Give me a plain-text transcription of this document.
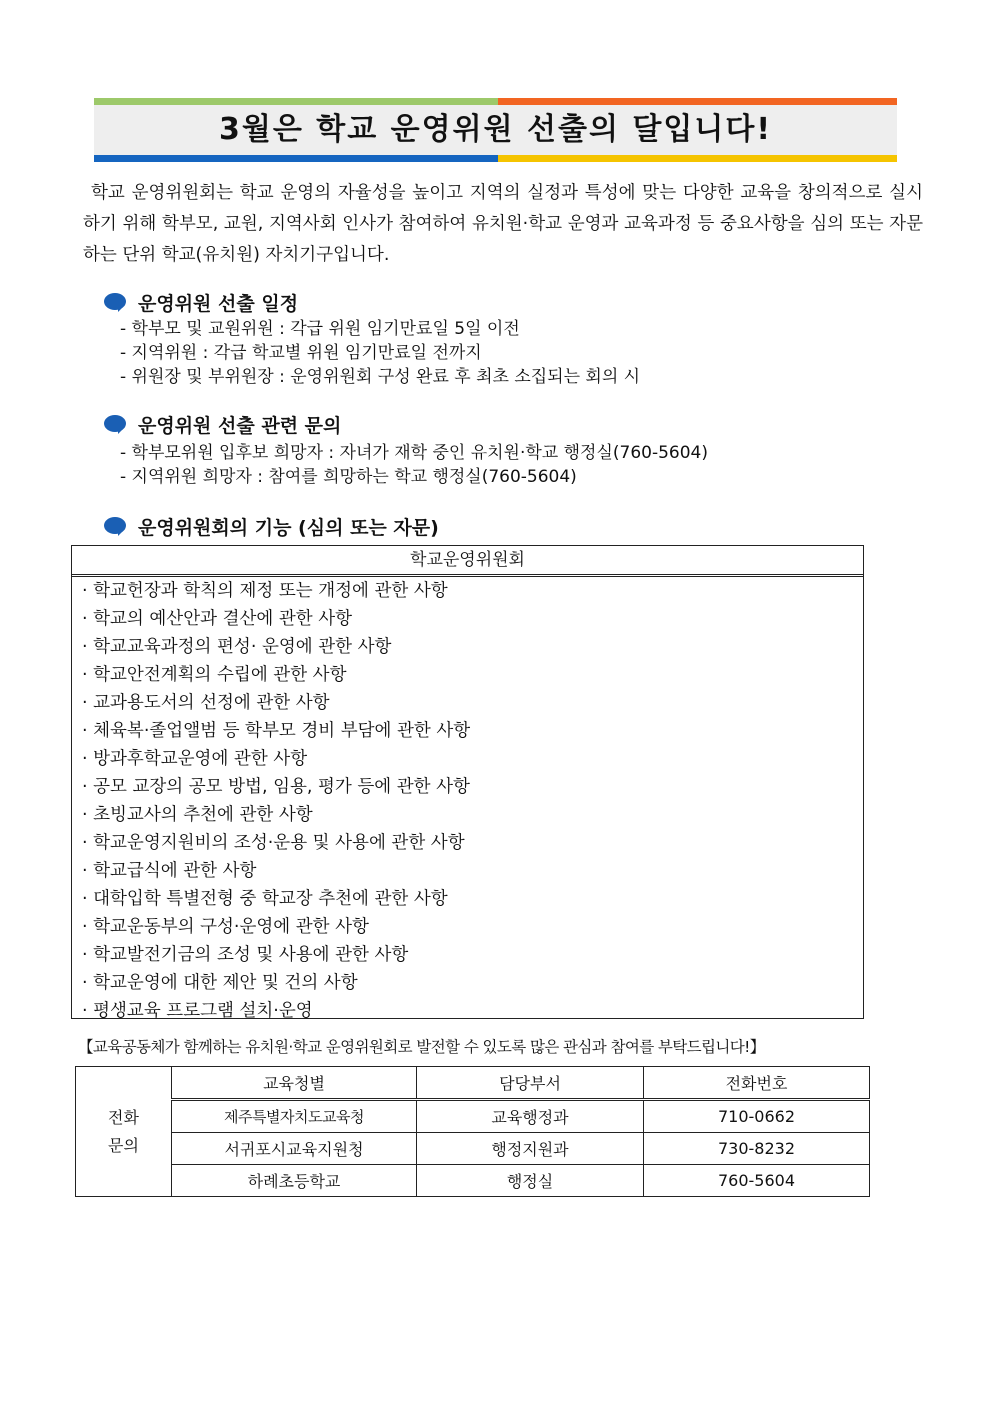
3월은 학교 운영위원 선출의 달입니다!
학교 운영위원회는 학교 운영의 자율성을 높이고 지역의 실정과 특성에 맞는 다양한 교육을 창의적으로 실시하기 위해 학부모, 교원, 지역사회 인사가 참여하여 유치원·학교 운영과 교육과정 등 중요사항을 심의 또는 자문하는 단위 학교(유치원) 자치기구입니다.
운영위원 선출 일정
- 학부모 및 교원위원 : 각급 위원 임기만료일 5일 이전
- 지역위원 : 각급 학교별 위원 임기만료일 전까지
- 위원장 및 부위원장 : 운영위원회 구성 완료 후 최초 소집되는 회의 시
운영위원 선출 관련 문의
- 학부모위원 입후보 희망자 : 자녀가 재학 중인 유치원·학교 행정실(760-5604)
- 지역위원 희망자 : 참여를 희망하는 학교 행정실(760-5604)
운영위원회의 기능 (심의 또는 자문)
학교운영위원회
· 학교헌장과 학칙의 제정 또는 개정에 관한 사항
· 학교의 예산안과 결산에 관한 사항
· 학교교육과정의 편성· 운영에 관한 사항
· 학교안전계획의 수립에 관한 사항
· 교과용도서의 선정에 관한 사항
· 체육복·졸업앨범 등 학부모 경비 부담에 관한 사항
· 방과후학교운영에 관한 사항
· 공모 교장의 공모 방법, 임용, 평가 등에 관한 사항
· 초빙교사의 추천에 관한 사항
· 학교운영지원비의 조성·운용 및 사용에 관한 사항
· 학교급식에 관한 사항
· 대학입학 특별전형 중 학교장 추천에 관한 사항
· 학교운동부의 구성·운영에 관한 사항
· 학교발전기금의 조성 및 사용에 관한 사항
· 학교운영에 대한 제안 및 건의 사항
· 평생교육 프로그램 설치·운영
【교육공동체가 함께하는 유치원·학교 운영위원회로 발전할 수 있도록 많은 관심과 참여를 부탁드립니다!】
전화
문의	교육청별	담당부서	전화번호
	제주특별자치도교육청	교육행정과	710-0662
	서귀포시교육지원청	행정지원과	730-8232
	하례초등학교	행정실	760-5604
